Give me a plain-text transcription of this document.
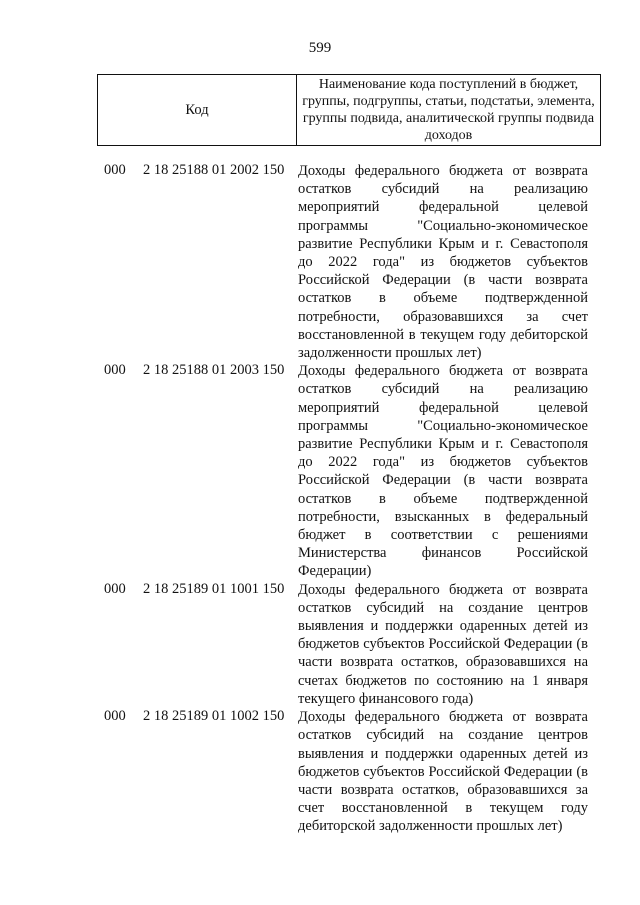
599
Код
Наименование кода поступлений в бюджет, группы, подгруппы, статьи, подстатьи, элемента, группы подвида, аналитической группы подвида доходов
000 2 18 25188 01 2002 150 Доходы федерального бюджета от возврата остатков субсидий на реализацию мероприятий федеральной целевой программы "Социально-экономическое развитие Республики Крым и г. Севастополя до 2022 года" из бюджетов субъектов Российской Федерации (в части возврата остатков в объеме подтвержденной потребности, образовавшихся за счет восстановленной в текущем году дебиторской задолженности прошлых лет)
000 2 18 25188 01 2003 150 Доходы федерального бюджета от возврата остатков субсидий на реализацию мероприятий федеральной целевой программы "Социально-экономическое развитие Республики Крым и г. Севастополя до 2022 года" из бюджетов субъектов Российской Федерации (в части возврата остатков в объеме подтвержденной потребности, взысканных в федеральный бюджет в соответствии с решениями Министерства финансов Российской Федерации)
000 2 18 25189 01 1001 150 Доходы федерального бюджета от возврата остатков субсидий на создание центров выявления и поддержки одаренных детей из бюджетов субъектов Российской Федерации (в части возврата остатков, образовавшихся на счетах бюджетов по состоянию на 1 января текущего финансового года)
000 2 18 25189 01 1002 150 Доходы федерального бюджета от возврата остатков субсидий на создание центров выявления и поддержки одаренных детей из бюджетов субъектов Российской Федерации (в части возврата остатков, образовавшихся за счет восстановленной в текущем году дебиторской задолженности прошлых лет)
